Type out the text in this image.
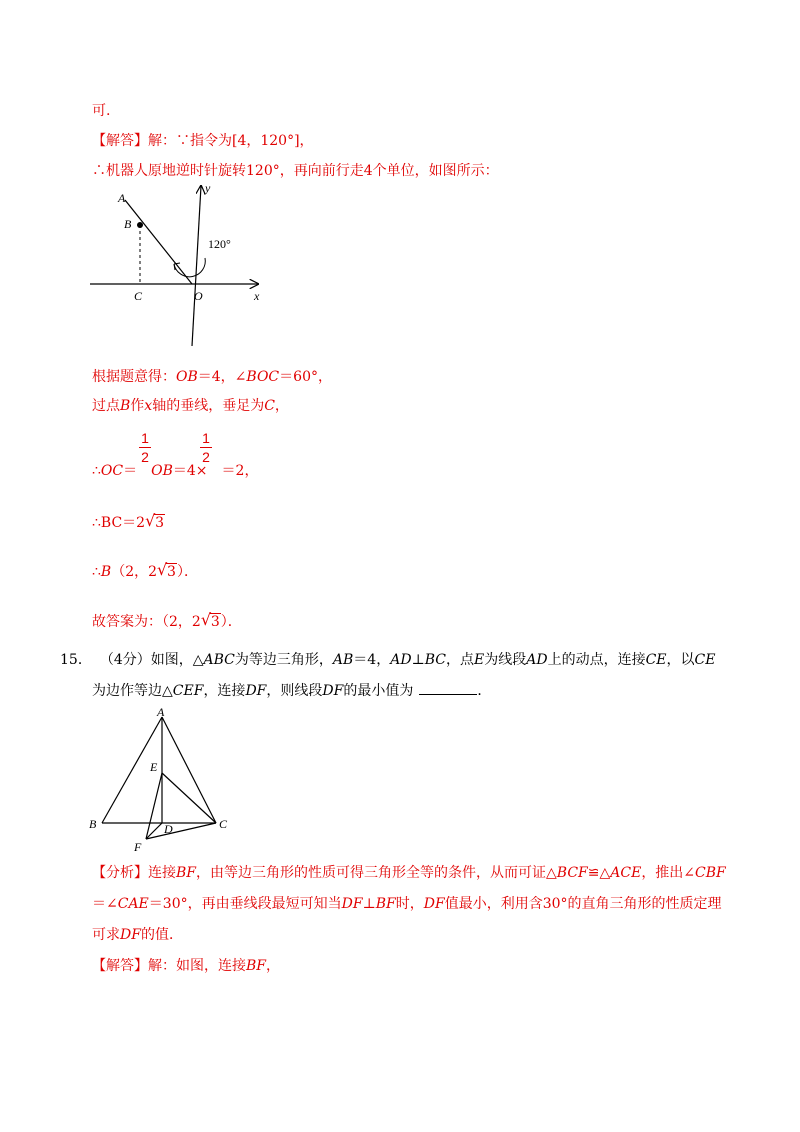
可.
【解答】解：∵指令为[4，120°]，
∴机器人原地逆时针旋转120°，再向前行走4个单位，如图所示：
A
B
C	O	x
y
120°
根据题意得：OB＝4，∠BOC＝60°，
过点B作x轴的垂线，垂足为C，
1
2
1
2
∴OC＝ OB＝4× ＝2，
∴BC＝2 √ 3
∴B（2，2 √ 3）．
故答案为：（2，2 √ 3）．
15． （4分）如图，△ABC为等边三角形，AB＝4，AD⊥BC，点E为线段AD上的动点，连接CE，以CE
为边作等边△CEF，连接DF，则线段DF的最小值为	．
A
B	C
D
E
F
【分析】连接BF，由等边三角形的性质可得三角形全等的条件，从而可证△BCF≌△ACE，推出∠CBF
＝∠CAE＝30°，再由垂线段最短可知当DF⊥BF时，DF值最小，利用含30°的直角三角形的性质定理
可求DF的值．
【解答】解：如图，连接BF，
